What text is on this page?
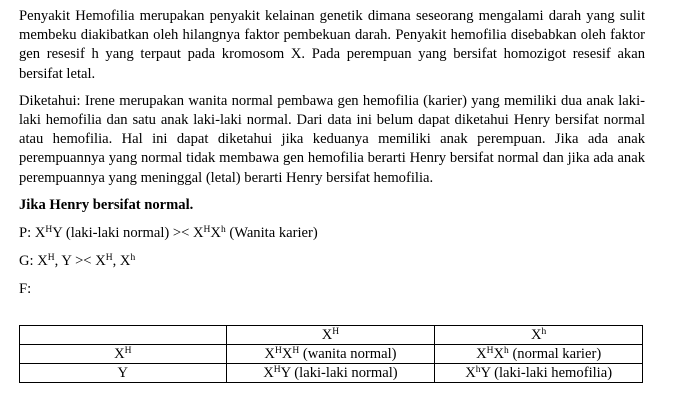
Penyakit Hemofilia merupakan penyakit kelainan genetik dimana seseorang mengalami darah yang sulit membeku diakibatkan oleh hilangnya faktor pembekuan darah. Penyakit hemofilia disebabkan oleh faktor gen resesif h yang terpaut pada kromosom X. Pada perempuan yang bersifat homozigot resesif akan bersifat letal.

Diketahui: Irene merupakan wanita normal pembawa gen hemofilia (karier) yang memiliki dua anak laki-laki hemofilia dan satu anak laki-laki normal. Dari data ini belum dapat diketahui Henry bersifat normal atau hemofilia. Hal ini dapat diketahui jika keduanya memiliki anak perempuan. Jika ada anak perempuannya yang normal tidak membawa gen hemofilia berarti Henry bersifat normal dan jika ada anak perempuannya yang meninggal (letal) berarti Henry bersifat hemofilia.

Jika Henry bersifat normal.

P: $X^HY$ (laki-laki normal) >< $X^HX^h$ (Wanita karier)

G: $X^H$, $Y >< X^H$, $X^h$

F:

	$X^H$	$X^h$
$X^H$	$X^HX^H$ (wanita normal)	$X^HX^h$ (normal karier)
Y	$X^HY$ (laki-laki normal)	$X^hY$ (laki-laki hemofilia)
